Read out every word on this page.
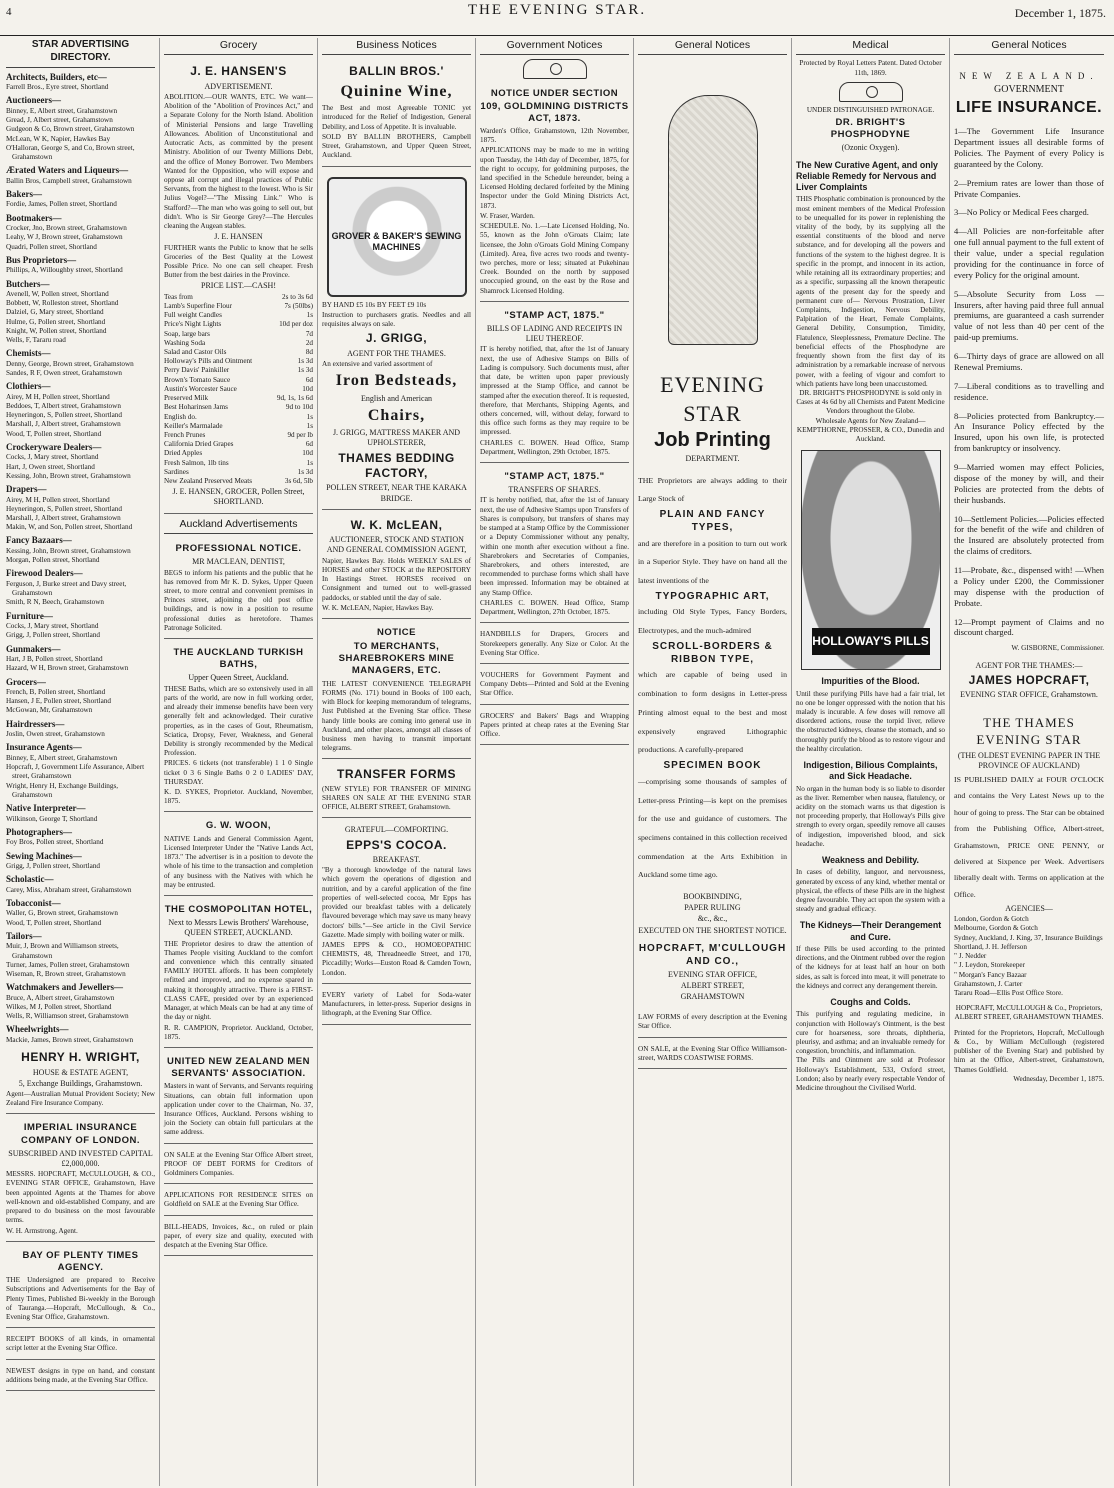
4	THE EVENING STAR.	December 1, 1875.
STAR ADVERTISING DIRECTORY.
Architects, Builders, etc—
Farrell Bros., Eyre street, Shortland
Auctioneers—
Binney, E, Albert street, Grahamstown
Gread, J, Albert street, Grahamstown
Gudgeon & Co, Brown street, Grahamstown
McLean, W K, Napier, Hawkes Bay
O'Halloran, George S, and Co, Brown street, Grahamstown
Ærated Waters and Liqueurs—
Ballin Bros, Campbell street, Grahamstown
Bakers—
Fordie, James, Pollen street, Shortland
Bootmakers—
Crocker, Jno, Brown street, Grahamstown
Leahy, W J, Brown street, Grahamstown
Quadri, Pollen street, Shortland
Bus Proprietors—
Phillips, A, Willoughby street, Shortland
Butchers—
Avenell, W, Pollen street, Shortland
Bobbett, W, Rolleston street, Shortland
Dalziel, G, Mary street, Shortland
Hulme, G, Pollen street, Shortland
Knight, W, Pollen street, Shortland
Wells, F, Tararu road
Chemists—
Denny, George, Brown street, Grahamstown
Sandes, R F, Owen street, Grahamstown
Clothiers—
Airey, M H, Pollen street, Shortland
Beddoes, T, Albert street, Grahamstown
Heyneringon, S, Pollen street, Shortland
Marshall, J, Albert street, Grahamstown
Wood, T, Pollen street, Shortland
Crockeryware Dealers—
Cocks, J, Mary street, Shortland
Hart, J, Owen street, Shortland
Kessing, John, Brown street, Grahamstown
Drapers—
Airey, M H, Pollen street, Shortland
Heyneringon, S, Pollen street, Shortland
Marshall, J, Albert street, Grahamstown
Makin, W, and Son, Pollen street, Shortland
Fancy Bazaars—
Kessing, John, Brown street, Grahamstown
Morgan, Pollen street, Shortland
Firewood Dealers—
Ferguson, J, Burke street and Davy street, Grahamstown
Smith, R N, Beech, Grahamstown
Furniture—
Cocks, J, Mary street, Shortland
Grigg, J, Pollen street, Shortland
Gunmakers—
Hart, J B, Pollen street, Shortland
Hazard, W H, Brown street, Grahamstown
Grocers—
French, B, Pollen street, Shortland
Hansen, J E, Pollen street, Shortland
McGowan, Mr, Grahamstown
Hairdressers—
Joslin, Owen street, Grahamstown
Insurance Agents—
Binney, E, Albert street, Grahamstown
Hopcraft, J, Government Life Assurance, Albert street, Grahamstown
Wright, Henry H, Exchange Buildings, Grahamstown
Native Interpreter—
Wilkinson, George T, Shortland
Photographers—
Foy Bros, Pollen street, Shortland
Sewing Machines—
Grigg, J, Pollen street, Shortland
Scholastic—
Carey, Miss, Abraham street, Grahamstown
Tobacconist—
Waller, G, Brown street, Grahamstown
Wood, T, Pollen street, Shortland
Tailors—
Muir, J, Brown and Williamson streets, Grahamstown
Turner, James, Pollen street, Grahamstown
Wiseman, R, Brown street, Grahamstown
Watchmakers and Jewellers—
Bruce, A, Albert street, Grahamstown
Wilkes, M J, Pollen street, Shortland
Wells, R, Williamson street, Grahamstown
Wheelwrights—
Mackie, James, Brown street, Grahamstown
HENRY H. WRIGHT,
HOUSE & ESTATE AGENT,
5, Exchange Buildings, Grahamstown.

Agent—Australian Mutual Provident Society; New Zealand Fire Insurance Company.

IMPERIAL INSURANCE COMPANY OF LONDON.
SUBSCRIBED AND INVESTED CAPITAL £2,000,000.

MESSRS. HOPCRAFT, McCULLOUGH, & CO., EVENING STAR OFFICE, Grahamstown, Have been appointed Agents at the Thames for above well-known and old-established Company, and are prepared to do business on the most favourable terms.

W. H. Armstrong, Agent.

BAY OF PLENTY TIMES AGENCY.

THE Undersigned are prepared to Receive Subscriptions and Advertisements for the Bay of Plenty Times, Published Bi-weekly in the Borough of Tauranga.—Hopcraft, McCullough, & Co., Evening Star Office, Grahamstown.

RECEIPT BOOKS of all kinds, in ornamental script letter at the Evening Star Office.

NEWEST designs in type on hand, and constant additions being made, at the Evening Star Office.

Grocery
J. E. HANSEN'S
ADVERTISEMENT.

ABOLITION.—OUR WANTS, ETC. We want—Abolition of the "Abolition of Provinces Act," and a Separate Colony for the North Island. Abolition of Ministerial Pensions and large Travelling Allowances. Abolition of Unconstitutional and Autocratic Acts, as committed by the present Ministry. Abolition of our Twenty Millions Debt, and the office of Money Borrower. Two Members Wanted for the Opposition, who will expose and oppose all corrupt and illegal practices of Public Servants, from the highest to the lowest. Who is Sir Julius Vogel?—"The Missing Link." Who is Stafford?—The man who was going to sell out, but didn't. Who is Sir George Grey?—The Hercules cleaning the Augean stables.

J. E. HANSEN

FURTHER wants the Public to know that he sells Groceries of the Best Quality at the Lowest Possible Price. No one can sell cheaper. Fresh Butter from the best dairies in the Province.

PRICE LIST.—CASH!
Teas from	2s to 3s 6d
Lamb's Superfine Flour	7s (50lbs)
Full weight Candles	1s
Price's Night Lights	10d per doz
Soap, large bars	7d
Washing Soda	2d
Salad and Castor Oils	8d
Holloway's Pills and Ointment	1s 3d
Perry Davis' Painkiller	1s 3d
Brown's Tomato Sauce	6d
Austin's Worcester Sauce	10d
Preserved Milk	9d, 1s, 1s 6d
Best Hoharinsen Jams	9d to 10d
English do.	1s
Keiller's Marmalade	1s
French Prunes	9d per lb
California Dried Grapes	6d
Dried Apples	10d
Fresh Salmon, 1lb tins	1s
Sardines	1s 3d
New Zealand Preserved Meats	3s 6d, 5lb
J. E. HANSEN, GROCER, Pollen Street, SHORTLAND.
Auckland Advertisements
PROFESSIONAL NOTICE.
MR MACLEAN, DENTIST,

BEGS to inform his patients and the public that he has removed from Mr K. D. Sykes, Upper Queen street, to more central and convenient premises in Princes street, adjoining the old post office buildings, and is now in a position to resume professional duties as heretofore. Thames Patronage Solicited.

THE AUCKLAND TURKISH BATHS,
Upper Queen Street, Auckland.

THESE Baths, which are so extensively used in all parts of the world, are now in full working order, and already their immense benefits have been very generally felt and acknowledged. Their curative properties, as in the cases of Gout, Rheumatism, Sciatica, Dropsy, Fever, Weakness, and General Debility is strongly recommended by the Medical Profession.

PRICES. 6 tickets (not transferable) 1 1 0 Single ticket 0 3 6 Single Baths 0 2 0 LADIES' DAY, THURSDAY.

K. D. SYKES, Proprietor. Auckland, November, 1875.

G. W. WOON,

NATIVE Lands and General Commission Agent, Licensed Interpreter Under the "Native Lands Act, 1873." The advertiser is in a position to devote the whole of his time to the transaction and completion of any business with the Natives with which he may be entrusted.

THE COSMOPOLITAN HOTEL,
Next to Messrs Lewis Brothers' Warehouse, QUEEN STREET, AUCKLAND.

THE Proprietor desires to draw the attention of Thames People visiting Auckland to the comfort and convenience which this centrally situated FAMILY HOTEL affords. It has been completely refitted and improved, and no expense spared in making it thoroughly attractive. There is a FIRST-CLASS CAFE, presided over by an experienced Manager, at which Meals can be had at any time of the day or night.

R. R. CAMPION, Proprietor. Auckland, October, 1875.

UNITED NEW ZEALAND MEN SERVANTS' ASSOCIATION.

Masters in want of Servants, and Servants requiring Situations, can obtain full information upon application under cover to the Chairman, No. 37, Insurance Offices, Auckland. Persons wishing to join the Society can obtain full particulars at the same address.

ON SALE at the Evening Star Office Albert street, PROOF OF DEBT FORMS for Creditors of Goldminers Companies.

APPLICATIONS FOR RESIDENCE SITES on Goldfield on SALE at the Evening Star Office.

BILL-HEADS, Invoices, &c., on ruled or plain paper, of every size and quality, executed with despatch at the Evening Star Office.

Business Notices
BALLIN BROS.'
Quinine Wine,

The Best and most Agreeable TONIC yet introduced for the Relief of Indigestion, General Debility, and Loss of Appetite. It is invaluable.

SOLD BY BALLIN BROTHERS, Campbell Street, Grahamstown, and Upper Queen Street, Auckland.

GROVER & BAKER'S SEWING MACHINES

BY HAND £5 10s BY FEET £9 10s

Instruction to purchasers gratis. Needles and all requisites always on sale.

J. GRIGG,
AGENT FOR THE THAMES.

An extensive and varied assortment of

Iron Bedsteads,
English and American
Chairs,
J. GRIGG, MATTRESS MAKER AND UPHOLSTERER,
THAMES BEDDING FACTORY,
POLLEN STREET, NEAR THE KARAKA BRIDGE.
W. K. McLEAN,
AUCTIONEER, STOCK AND STATION AND GENERAL COMMISSION AGENT,

Napier, Hawkes Bay. Holds WEEKLY SALES of HORSES and other STOCK at the REPOSITORY In Hastings Street. HORSES received on Consignment and turned out to well-grassed paddocks, or stabled until the day of sale.

W. K. McLEAN, Napier, Hawkes Bay.

NOTICE
TO MERCHANTS, SHAREBROKERS MINE MANAGERS, ETC.

THE LATEST CONVENIENCE TELEGRAPH FORMS (No. 171) bound in Books of 100 each, with Block for keeping memorandum of telegrams, Just Published at the Evening Star office. These handy little books are coming into general use in Auckland, and other places, amongst all classes of business men having to transmit important telegrams.

TRANSFER FORMS

(NEW STYLE) FOR TRANSFER OF MINING SHARES ON SALE AT THE EVENING STAR OFFICE, ALBERT STREET, Grahamstown.

GRATEFUL—COMFORTING.
EPPS'S COCOA.
BREAKFAST.

"By a thorough knowledge of the natural laws which govern the operations of digestion and nutrition, and by a careful application of the fine properties of well-selected cocoa, Mr Epps has provided our breakfast tables with a delicately flavoured beverage which may save us many heavy doctors' bills."—See article in the Civil Service Gazette. Made simply with boiling water or milk.

JAMES EPPS & CO., HOMOEOPATHIC CHEMISTS, 48, Threadneedle Street, and 170, Piccadilly; Works—Euston Road & Camden Town, London.

EVERY variety of Label for Soda-water Manufacturers, in letter-press. Superior designs in lithograph, at the Evening Star Office.

Government Notices
NOTICE UNDER SECTION 109, GOLDMINING DISTRICTS ACT, 1873.

Warden's Office, Grahamstown, 12th November, 1875.

APPLICATIONS may be made to me in writing upon Tuesday, the 14th day of December, 1875, for the right to occupy, for goldmining purposes, the land specified in the Schedule hereunder, being a Licensed Holding declared forfeited by the Mining Inspector under the Gold Mining Districts Act, 1873.

W. Fraser, Warden.

SCHEDULE. No. 1.—Late Licensed Holding, No. 55, known as the John o'Groats Claim; late licensee, the John o'Groats Gold Mining Company (Limited). Area, five acres two roods and twenty-two perches, more or less; situated at Pukehinau Creek. Bounded on the north by supposed unoccupied ground, on the east by the Rose and Shamrock Licensed Holding.

"STAMP ACT, 1875."
BILLS OF LADING AND RECEIPTS IN LIEU THEREOF.

IT is hereby notified, that, after the 1st of January next, the use of Adhesive Stamps on Bills of Lading is compulsory. Such documents must, after that date, be written upon paper previously impressed at the Stamp Office, and cannot be stamped after the execution thereof. It is requested, therefore, that Merchants, Shipping Agents, and others concerned, will, without delay, forward to this office such forms as they may require to be impressed.

CHARLES C. BOWEN. Head Office, Stamp Department, Wellington, 29th October, 1875.

"STAMP ACT, 1875."
TRANSFERS OF SHARES.

IT is hereby notified, that, after the 1st of January next, the use of Adhesive Stamps upon Transfers of Shares is compulsory, but transfers of shares may be stamped at a Stamp Office by the Commissioner or a Deputy Commissioner without any penalty, within one month after execution without a fine. Sharebrokers and Secretaries of Companies, Sharebrokers, and others interested, are recommended to purchase forms which shall have been impressed. Information may be obtained at any Stamp Office.

CHARLES C. BOWEN. Head Office, Stamp Department, Wellington, 27th October, 1875.

HANDBILLS for Drapers, Grocers and Storekeepers generally. Any Size or Color. At the Evening Star Office.

VOUCHERS for Government Payment and Company Debts—Printed and Sold at the Evening Star Office.

GROCERS' and Bakers' Bags and Wrapping Papers printed at cheap rates at the Evening Star Office.

General Notices
EVENING STAR
Job Printing
DEPARTMENT.

THE Proprietors are always adding to their Large Stock of

PLAIN AND FANCY TYPES,

and are therefore in a position to turn out work in a Superior Style. They have on hand all the latest inventions of the

TYPOGRAPHIC ART,

including Old Style Types, Fancy Borders, Electrotypes, and the much-admired

SCROLL-BORDERS & RIBBON TYPE,

which are capable of being used in combination to form designs in Letter-press Printing almost equal to the best and most expensively engraved Lithographic productions. A carefully-prepared

SPECIMEN BOOK

—comprising some thousands of samples of Letter-press Printing—is kept on the premises for the use and guidance of customers. The specimens contained in this collection received commendation at the Arts Exhibition in Auckland some time ago.

BOOKBINDING,
PAPER RULING
&c., &c.,
EXECUTED ON THE SHORTEST NOTICE.
HOPCRAFT, M'CULLOUGH AND CO.,
EVENING STAR OFFICE,
ALBERT STREET,
GRAHAMSTOWN

LAW FORMS of every description at the Evening Star Office.

ON SALE, at the Evening Star Office Williamson-street, WARDS COASTWISE FORMS.

Medical

Protected by Royal Letters Patent. Dated October 11th, 1869.

UNDER DISTINGUISHED PATRONAGE.

DR. BRIGHT'S PHOSPHODYNE
(Ozonic Oxygen).
The New Curative Agent, and only Reliable Remedy for Nervous and Liver Complaints

THIS Phosphatic combination is pronounced by the most eminent members of the Medical Profession to be unequalled for its power in replenishing the vitality of the body, by its supplying all the essential constituents of the blood and nerve substance, and for developing all the powers and functions of the system to the highest degree. It is specific in the prompt, and innocent in its action, while retaining all its extraordinary properties; and as a specific, surpassing all the known therapeutic agents of the present day for the speedy and permanent cure of— Nervous Prostration, Liver Complaints, Indigestion, Nervous Debility, Palpitation of the Heart, Female Complaints, General Debility, Consumption, Timidity, Flatulence, Sleeplessness, Premature Decline. The beneficial effects of the Phosphodyne are frequently shown from the first day of its administration by a remarkable increase of nervous power, with a feeling of vigour and comfort to which patients have long been unaccustomed.

DR. BRIGHT'S PHOSPHODYNE is sold only in Cases at 4s 6d by all Chemists and Patent Medicine Vendors throughout the Globe.

Wholesale Agents for New Zealand— KEMPTHORNE, PROSSER, & CO., Dunedin and Auckland.

HOLLOWAY'S PILLS
Impurities of the Blood.

Until these purifying Pills have had a fair trial, let no one be longer oppressed with the notion that his malady is incurable. A few doses will remove all disordered actions, rouse the torpid liver, relieve the obstructed kidneys, cleanse the stomach, and so thoroughly purify the blood as to restore vigour and the healthy circulation.

Indigestion, Bilious Complaints, and Sick Headache.

No organ in the human body is so liable to disorder as the liver. Remember when nausea, flatulency, or acidity on the stomach warns us that digestion is not proceeding properly, that Holloway's Pills give strength to every organ, speedily remove all causes of indigestion, impoverished blood, and sick headache.

Weakness and Debility.

In cases of debility, languor, and nervousness, generated by excess of any kind, whether mental or physical, the effects of these Pills are in the highest degree favourable. They act upon the system with a steady and gradual efficacy.

The Kidneys—Their Derangement and Cure.

If these Pills be used according to the printed directions, and the Ointment rubbed over the region of the kidneys for at least half an hour on both sides, as salt is forced into meat, it will penetrate to the kidneys and correct any derangement therein.

Coughs and Colds.

This purifying and regulating medicine, in conjunction with Holloway's Ointment, is the best cure for hoarseness, sore throats, diphtheria, pleurisy, and asthma; and an invaluable remedy for congestion, bronchitis, and inflammation.

The Pills and Ointment are sold at Professor Holloway's Establishment, 533, Oxford street, London; also by nearly every respectable Vendor of Medicine throughout the Civilised World.

General Notices
NEW ZEALAND.
GOVERNMENT
LIFE INSURANCE.

1—The Government Life Insurance Department issues all desirable forms of Policies. The Payment of every Policy is guaranteed by the Colony.

2—Premium rates are lower than those of Private Companies.

3—No Policy or Medical Fees charged.

4—All Policies are non-forfeitable after one full annual payment to the full extent of their value, under a special regulation providing for the continuance in force of every Policy for the original amount.

5—Absolute Security from Loss —Insurers, after having paid three full annual premiums, are guaranteed a cash surrender value of not less than 40 per cent of the paid-up premiums.

6—Thirty days of grace are allowed on all Renewal Premiums.

7—Liberal conditions as to travelling and residence.

8—Policies protected from Bankruptcy.—An Insurance Policy effected by the Insured, upon his own life, is protected from bankruptcy or insolvency.

9—Married women may effect Policies, dispose of the money by will, and their Policies are protected from the debts of their husbands.

10—Settlement Policies.—Policies effected for the benefit of the wife and children of the Insured are absolutely protected from the claims of creditors.

11—Probate, &c., dispensed with! —When a Policy under £200, the Commissioner may dispense with the production of Probate.

12—Prompt payment of Claims and no discount charged.

W. GISBORNE, Commissioner.

AGENT FOR THE THAMES:—
JAMES HOPCRAFT,
EVENING STAR OFFICE, Grahamstown.
THE THAMES EVENING STAR
(THE OLDEST EVENING PAPER IN THE PROVINCE OF AUCKLAND)

IS PUBLISHED DAILY at FOUR O'CLOCK and contains the Very Latest News up to the hour of going to press. The Star can be obtained from the Publishing Office, Albert-street, Grahamstown, PRICE ONE PENNY, or delivered at Sixpence per Week. Advertisers liberally dealt with. Terms on application at the Office.

AGENCIES—
London, Gordon & Gotch
Melbourne, Gordon & Gotch
Sydney, Auckland, J. King, 37, Insurance Buildings
Shortland, J. H. Jefferson
" J. Nedder
" J. Leydon, Storekeeper
" Morgan's Fancy Bazaar
Grahamstown, J. Carter
Tararu Road—Ellis Post Office Store.

HOPCRAFT, McCULLOUGH & Co., Proprietors, ALBERT STREET, GRAHAMSTOWN THAMES.

Printed for the Proprietors, Hopcraft, McCullough & Co., by William McCullough (registered publisher of the Evening Star) and published by him at the Office, Albert-street, Grahamstown, Thames Goldfield.

Wednesday, December 1, 1875.
